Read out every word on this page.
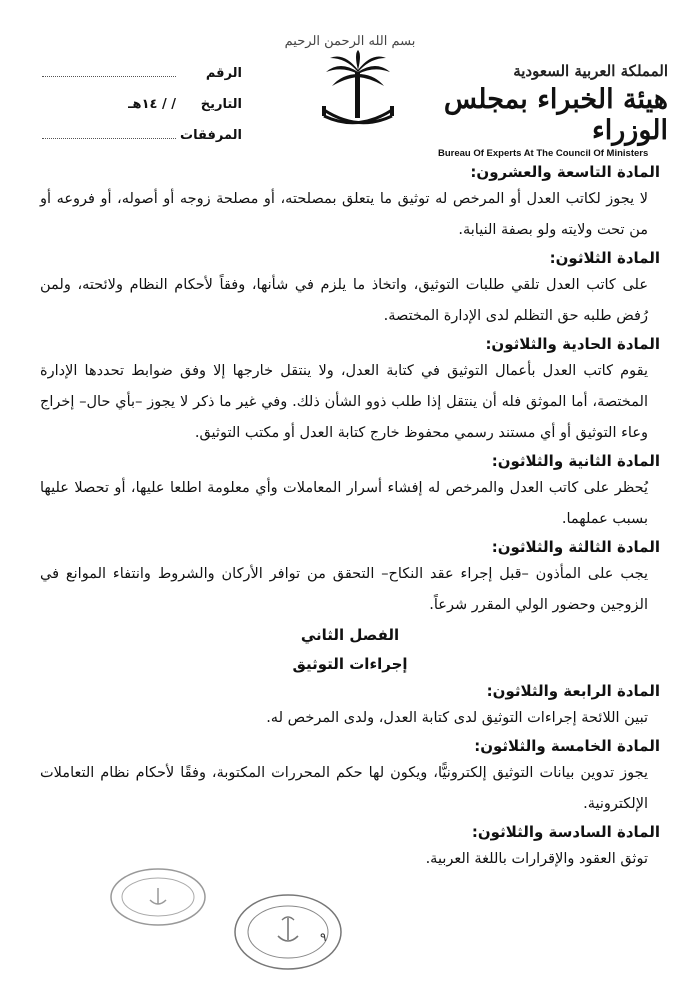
بسم الله الرحمن الرحيم
المملكة العربية السعودية
هيئة الخبراء بمجلس الوزراء
Bureau Of Experts At The Council Of Ministers
الرقم
التاريخ
/ / ١٤هـ
المرفقات
المادة التاسعة والعشرون:

لا يجوز لكاتب العدل أو المرخص له توثيق ما يتعلق بمصلحته، أو مصلحة زوجه أو أصوله، أو فروعه أو من تحت ولايته ولو بصفة النيابة.

المادة الثلاثون:

على كاتب العدل تلقي طلبات التوثيق، واتخاذ ما يلزم في شأنها، وفقاً لأحكام النظام ولائحته، ولمن رُفض طلبه حق التظلم لدى الإدارة المختصة.

المادة الحادية والثلاثون:

يقوم كاتب العدل بأعمال التوثيق في كتابة العدل، ولا ينتقل خارجها إلا وفق ضوابط تحددها الإدارة المختصة، أما الموثق فله أن ينتقل إذا طلب ذوو الشأن ذلك. وفي غير ما ذكر لا يجوز –بأي حال– إخراج وعاء التوثيق أو أي مستند رسمي محفوظ خارج كتابة العدل أو مكتب التوثيق.

المادة الثانية والثلاثون:

يُحظر على كاتب العدل والمرخص له إفشاء أسرار المعاملات وأي معلومة اطلعا عليها، أو تحصلا عليها بسبب عملهما.

المادة الثالثة والثلاثون:

يجب على المأذون –قبل إجراء عقد النكاح– التحقق من توافر الأركان والشروط وانتفاء الموانع في الزوجين وحضور الولي المقرر شرعاً.

الفصل الثاني
إجراءات التوثيق
المادة الرابعة والثلاثون:

تبين اللائحة إجراءات التوثيق لدى كتابة العدل، ولدى المرخص له.

المادة الخامسة والثلاثون:

يجوز تدوين بيانات التوثيق إلكترونيًّا، ويكون لها حكم المحررات المكتوبة، وفقًا لأحكام نظام التعاملات الإلكترونية.

المادة السادسة والثلاثون:

توثق العقود والإقرارات باللغة العربية.

٩
